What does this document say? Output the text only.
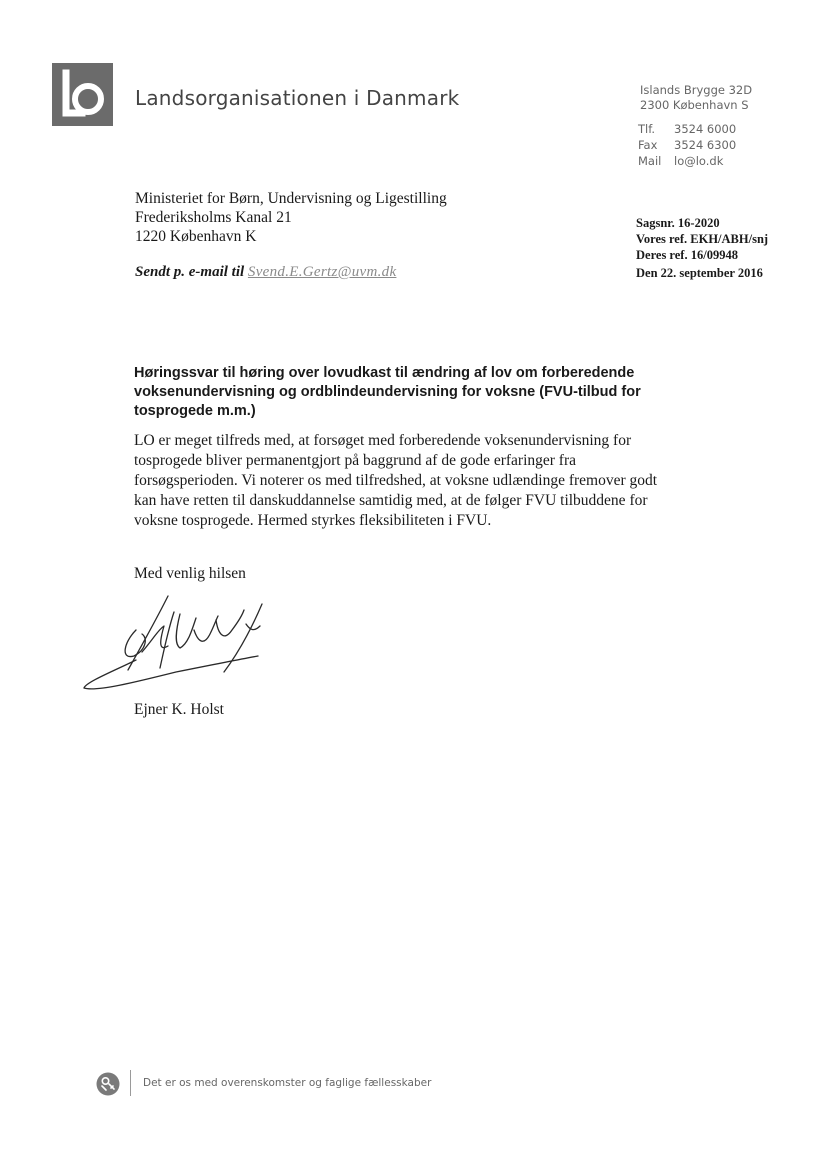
Landsorganisationen i Danmark	Islands Brygge 32D
2300 København S
Tlf. 3524 6000
Fax 3524 6300
Mail lo@lo.dk
Ministeriet for Børn, Undervisning og Ligestilling
Frederiksholms Kanal 21
1220 København K
Sendt p. e-mail til Svend.E.Gertz@uvm.dk
Sagsnr. 16-2020
Vores ref. EKH/ABH/snj
Deres ref. 16/09948
Den 22. september 2016
Høringssvar til høring over lovudkast til ændring af lov om forberedende voksenundervisning og ordblindeundervisning for voksne (FVU-tilbud for tosprogede m.m.)
LO er meget tilfreds med, at forsøget med forberedende voksenundervisning for
tosprogede bliver permanentgjort på baggrund af de gode erfaringer fra
forsøgsperioden. Vi noterer os med tilfredshed, at voksne udlændinge fremover godt
kan have retten til danskuddannelse samtidig med, at de følger FVU tilbuddene for
voksne tosprogede. Hermed styrkes fleksibiliteten i FVU.
Med venlig hilsen
Ejner K. Holst
Det er os med overenskomster og faglige fællesskaber
